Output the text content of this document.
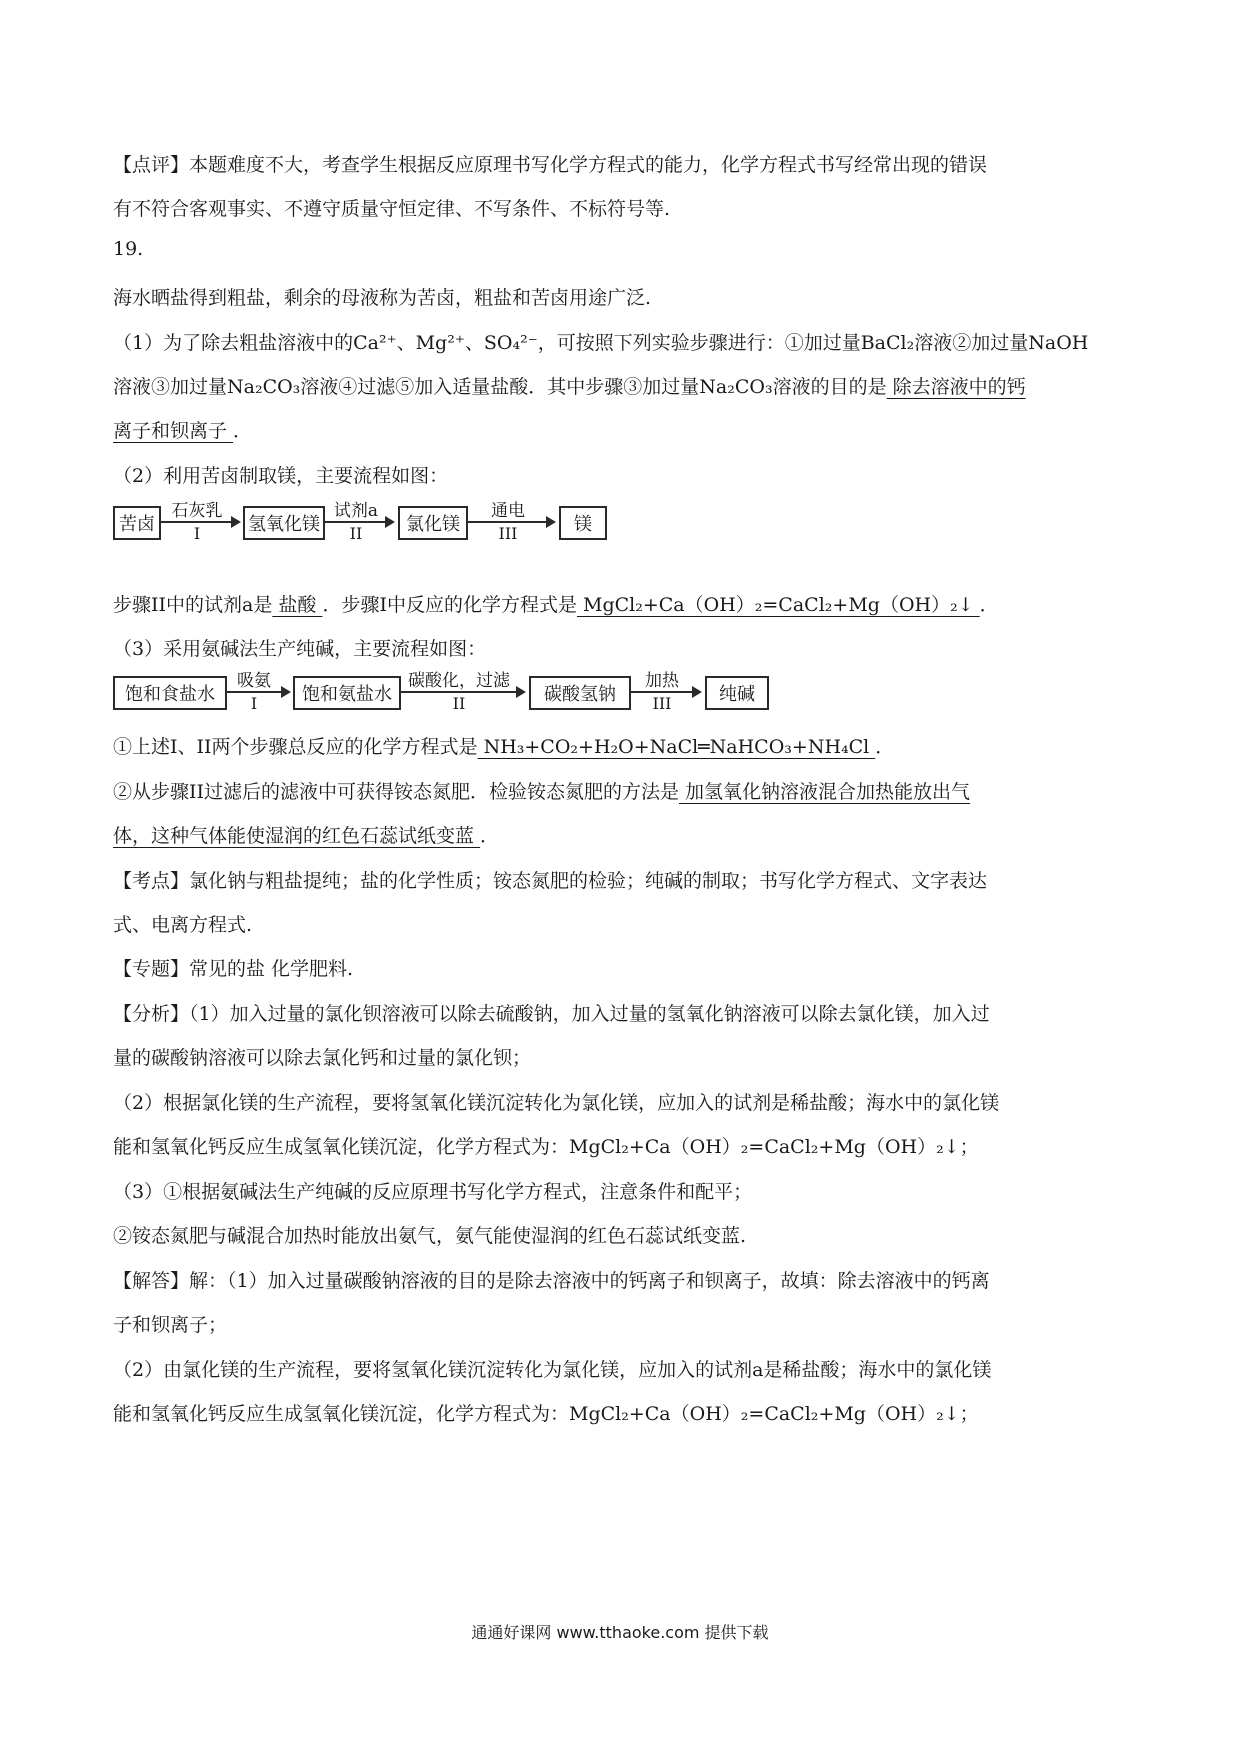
【点评】本题难度不大，考查学生根据反应原理书写化学方程式的能力，化学方程式书写经常出现的错误
有不符合客观事实、不遵守质量守恒定律、不写条件、不标符号等.
19.
海水晒盐得到粗盐，剩余的母液称为苦卤，粗盐和苦卤用途广泛.
（1）为了除去粗盐溶液中的Ca²⁺、Mg²⁺、SO₄²⁻，可按照下列实验步骤进行：①加过量BaCl₂溶液②加过量NaOH
溶液③加过量Na₂CO₃溶液④过滤⑤加入适量盐酸．其中步骤③加过量Na₂CO₃溶液的目的是 除去溶液中的钙
离子和钡离子 ．
（2）利用苦卤制取镁，主要流程如图：
苦卤
石灰乳
I	氢氧化镁
试剂a
II	氯化镁
通电
III	镁
步骤II中的试剂a是 盐酸 ．步骤I中反应的化学方程式是 MgCl₂+Ca（OH）₂=CaCl₂+Mg（OH）₂↓ ．
（3）采用氨碱法生产纯碱，主要流程如图：
饱和食盐水
吸氨
I	饱和氨盐水
碳酸化，过滤
II	碳酸氢钠
加热
III	纯碱
①上述I、II两个步骤总反应的化学方程式是 NH₃+CO₂+H₂O+NaCl═NaHCO₃+NH₄Cl ．
②从步骤II过滤后的滤液中可获得铵态氮肥．检验铵态氮肥的方法是 加氢氧化钠溶液混合加热能放出气
体，这种气体能使湿润的红色石蕊试纸变蓝 ．
【考点】氯化钠与粗盐提纯；盐的化学性质；铵态氮肥的检验；纯碱的制取；书写化学方程式、文字表达
式、电离方程式.
【专题】常见的盐 化学肥料.
【分析】（1）加入过量的氯化钡溶液可以除去硫酸钠，加入过量的氢氧化钠溶液可以除去氯化镁，加入过
量的碳酸钠溶液可以除去氯化钙和过量的氯化钡；
（2）根据氯化镁的生产流程，要将氢氧化镁沉淀转化为氯化镁，应加入的试剂是稀盐酸；海水中的氯化镁
能和氢氧化钙反应生成氢氧化镁沉淀，化学方程式为：MgCl₂+Ca（OH）₂=CaCl₂+Mg（OH）₂↓；
（3）①根据氨碱法生产纯碱的反应原理书写化学方程式，注意条件和配平；
②铵态氮肥与碱混合加热时能放出氨气，氨气能使湿润的红色石蕊试纸变蓝.
【解答】解：（1）加入过量碳酸钠溶液的目的是除去溶液中的钙离子和钡离子，故填：除去溶液中的钙离
子和钡离子；
（2）由氯化镁的生产流程，要将氢氧化镁沉淀转化为氯化镁，应加入的试剂a是稀盐酸；海水中的氯化镁
能和氢氧化钙反应生成氢氧化镁沉淀，化学方程式为：MgCl₂+Ca（OH）₂=CaCl₂+Mg（OH）₂↓；
通通好课网 www.tthaoke.com 提供下载
